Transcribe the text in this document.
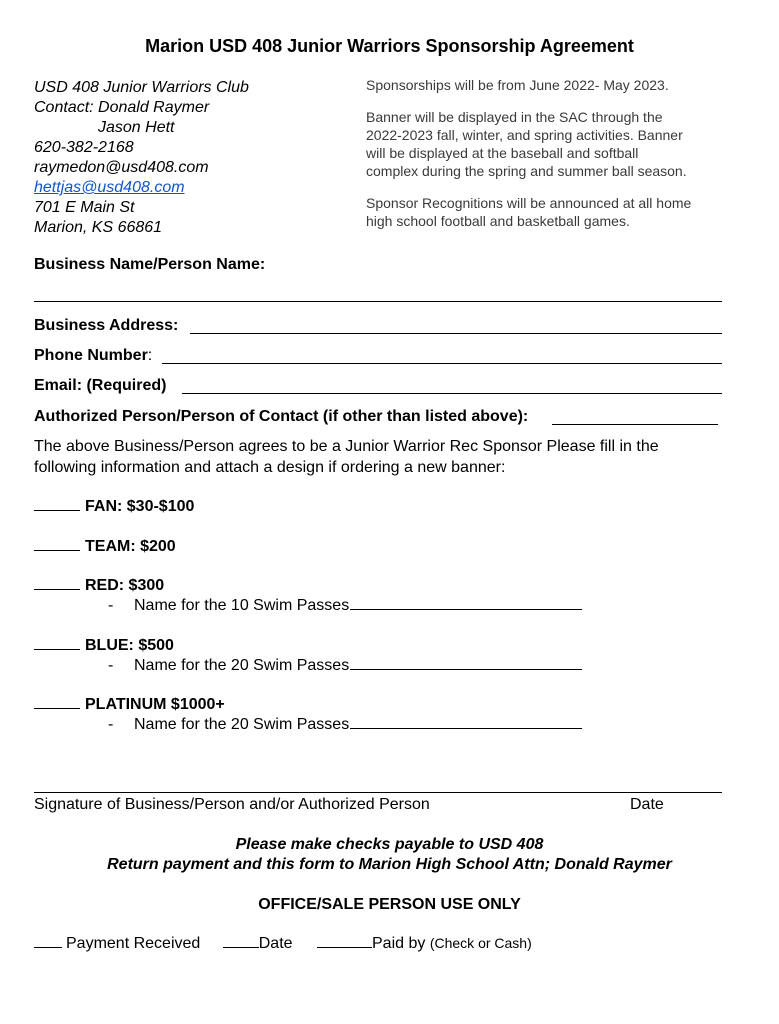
Marion USD 408 Junior Warriors Sponsorship Agreement
USD 408 Junior Warriors Club
Contact: Donald Raymer
Jason Hett
620-382-2168
raymedon@usd408.com
hettjas@usd408.com
701 E Main St
Marion, KS 66861

Sponsorships will be from June 2022- May 2023.

Banner will be displayed in the SAC through the
2022-2023 fall, winter, and spring activities. Banner
will be displayed at the baseball and softball
complex during the spring and summer ball season.

Sponsor Recognitions will be announced at all home
high school football and basketball games.

Business Name/Person Name:
Business Address:
Phone Number:
Email: (Required)
Authorized Person/Person of Contact (if other than listed above):
The above Business/Person agrees to be a Junior Warrior Rec Sponsor Please fill in the
following information and attach a design if ordering a new banner:
FAN: $30-$100
TEAM: $200
RED: $300
- Name for the 10 Swim Passes
BLUE: $500
- Name for the 20 Swim Passes
PLATINUM $1000+
- Name for the 20 Swim Passes
Signature of Business/Person and/or Authorized Person	Date
Please make checks payable to USD 408
Return payment and this form to Marion High School Attn; Donald Raymer
OFFICE/SALE PERSON USE ONLY
Payment Received	Date	Paid by (Check or Cash)
